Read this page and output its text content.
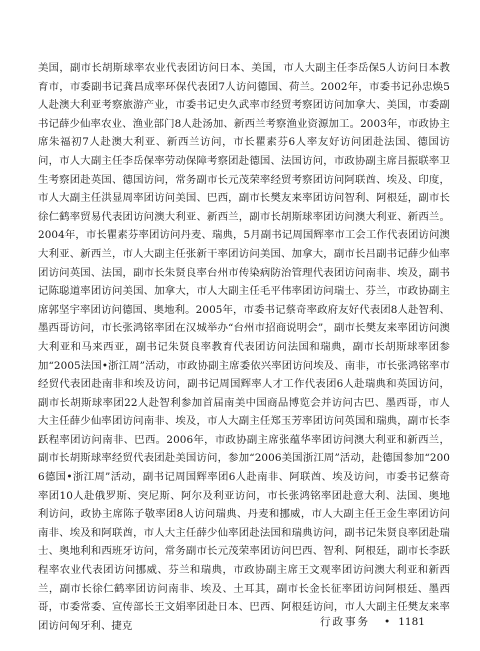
美国，副市长胡斯球率农业代表团访问日本、美国，市人大副主任李岳保5人访问日本教育市，市委副书记龚昌成率环保代表团7人访问德国、荷兰。2002年，市委书记孙忠焕5人赴澳大利亚考察旅游产业，市委书记史久武率市经贸考察团访问加拿大、美国，市委副书记薛少仙率农业、渔业部门8人赴汤加、新西兰考察渔业资源加工。2003年，市政协主席朱福初7人赴澳大利亚、新西兰访问，市长瞿素芬6人率友好访问团赴法国、德国访问，市人大副主任李岳保率劳动保障考察团赴德国、法国访问，市政协副主席吕振联率卫生考察团赴英国、德国访问，常务副市长元茂荣率经贸考察团访问阿联酋、埃及、印度，市人大副主任洪显周率团访问美国、巴西，副市长樊友来率团访问智利、阿根廷，副市长徐仁鹤率贸易代表团访问澳大利亚、新西兰，副市长胡斯球率团访问澳大利亚、新西兰。2004年，市长瞿素芬率团访问丹麦、瑞典，5月副书记周国辉率市工会工作代表团访问澳大利亚、新西兰，市人大副主任张新干率团访问美国、加拿大，副市长吕副书记薛少仙率团访问英国、法国，副市长朱贤良率台州市传染病防治管理代表团访问南非、埃及，副书记陈聪道率团访问美国、加拿大，市人大副主任毛平伟率团访问瑞士、芬兰，市政协副主席郭坚宇率团访问德国、奥地利。2005年，市委书记蔡奇率政府友好代表团8人赴智利、墨西哥访问，市长张鸿铭率团在汉城举办“台州市招商说明会”，副市长樊友来率团访问澳大利亚和马来西亚，副书记朱贤良率教育代表团访问法国和瑞典，副市长胡斯球率团参加“2005法国•浙江周”活动，市政协副主席委依兴率团访问埃及、南非，市长张鸿铭率市经贸代表团赴南非和埃及访问，副书记周国辉率人才工作代表团6人赴瑞典和英国访问，副市长胡斯球率团22人赴智利参加首届南美中国商品博览会并访问古巴、墨西哥，市人大主任薛少仙率团访问南非、埃及，市人大副主任郑玉芳率团访问英国和瑞典，副市长李跃程率团访问南非、巴西。2006年，市政协副主席张蕴华率团访问澳大利亚和新西兰，副市长胡斯球率经贸代表团赴美国访问，参加“2006美国浙江周”活动，赴德国参加“2006德国•浙江周”活动，副书记周国辉率团6人赴南非、阿联酋、埃及访问，市委书记蔡奇率团10人赴俄罗斯、突尼斯、阿尔及利亚访问，市长张鸿铭率团赴意大利、法国、奥地利访问，政协主席陈子敬率团8人访问瑞典、丹麦和挪威，市人大副主任王金生率团访问南非、埃及和阿联酋，市人大主任薛少仙率团赴法国和瑞典访问，副书记朱贤良率团赴瑞士、奥地利和西班牙访问，常务副市长元茂荣率团访问巴西、智利、阿根廷，副市长李跃程率农业代表团访问挪威、芬兰和瑞典，市政协副主席王文观率团访问澳大利亚和新西兰，副市长徐仁鹤率团访问南非、埃及、土耳其，副市长金长征率团访问阿根廷、墨西哥，市委常委、宣传部长王文娟率团赴日本、巴西、阿根廷访问，市人大副主任樊友来率团访问匈牙利、捷克	行政事务 • 1181
